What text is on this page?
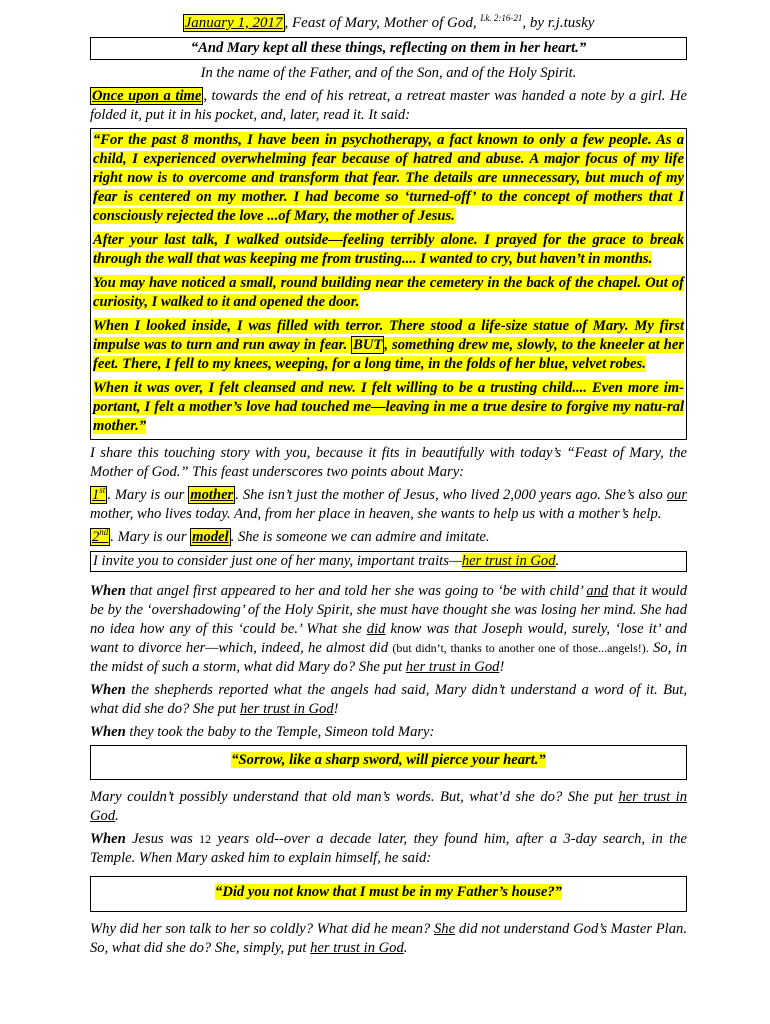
January 1, 2017 , Feast of Mary, Mother of God, $^{Lk. 2:16-21}$, by r.j.tusky

“And Mary kept all these things, reflecting on them in her heart.”

In the name of the Father, and of the Son, and of the Holy Spirit.

Once upon a time , towards the end of his retreat, a retreat master was handed a note by a girl. He folded it, put it in his pocket, and, later, read it. It said:

“For the past 8 months, I have been in psychotherapy, a fact known to only a few people. As a child, I experienced overwhelming fear because of hatred and abuse. A major focus of my life right now is to overcome and transform that fear. The details are unnecessary, but much of my fear is centered on my mother. I had become so ‘turned-off’ to the concept of mothers that I consciously rejected the love ...of Mary, the mother of Jesus.

After your last talk, I walked outside—feeling terribly alone. I prayed for the grace to break through the wall that was keeping me from trusting.... I wanted to cry, but haven’t in months.

You may have noticed a small, round building near the cemetery in the back of the chapel. Out of curiosity, I walked to it and opened the door.

When I looked inside, I was filled with terror. There stood a life-size statue of Mary. My first impulse was to turn and run away in fear. BUT , something drew me, slowly, to the kneeler at her feet. There, I fell to my knees, weeping, for a long time, in the folds of her blue, velvet robes.

When it was over, I felt cleansed and new. I felt willing to be a trusting child.... Even more im-portant, I felt a mother’s love had touched me—leaving in me a true desire to forgive my natu-ral mother.”

I share this touching story with you, because it fits in beautifully with today’s “Feast of Mary, the Mother of God.” This feast underscores two points about Mary:

1st . Mary is our mother . She isn’t just the mother of Jesus, who lived 2,000 years ago. She’s also our mother, who lives today. And, from her place in heaven, she wants to help us with a mother’s help.

2nd . Mary is our model . She is someone we can admire and imitate.

I invite you to consider just one of her many, important traits—her trust in God.

When that angel first appeared to her and told her she was going to ‘be with child’ and that it would be by the ‘overshadowing’ of the Holy Spirit, she must have thought she was losing her mind. She had no idea how any of this ‘could be.’ What she did know was that Joseph would, surely, ‘lose it’ and want to divorce her—which, indeed, he almost did (but didn’t, thanks to another one of those...angels!). So, in the midst of such a storm, what did Mary do? She put her trust in God!

When the shepherds reported what the angels had said, Mary didn’t understand a word of it. But, what did she do? She put her trust in God!

When they took the baby to the Temple, Simeon told Mary:

“Sorrow, like a sharp sword, will pierce your heart.”

Mary couldn’t possibly understand that old man’s words. But, what’d she do? She put her trust in God.

When Jesus was 12 years old--over a decade later, they found him, after a 3-day search, in the Temple. When Mary asked him to explain himself, he said:

“Did you not know that I must be in my Father’s house?”

Why did her son talk to her so coldly? What did he mean? She did not understand God’s Master Plan. So, what did she do? She, simply, put her trust in God.
